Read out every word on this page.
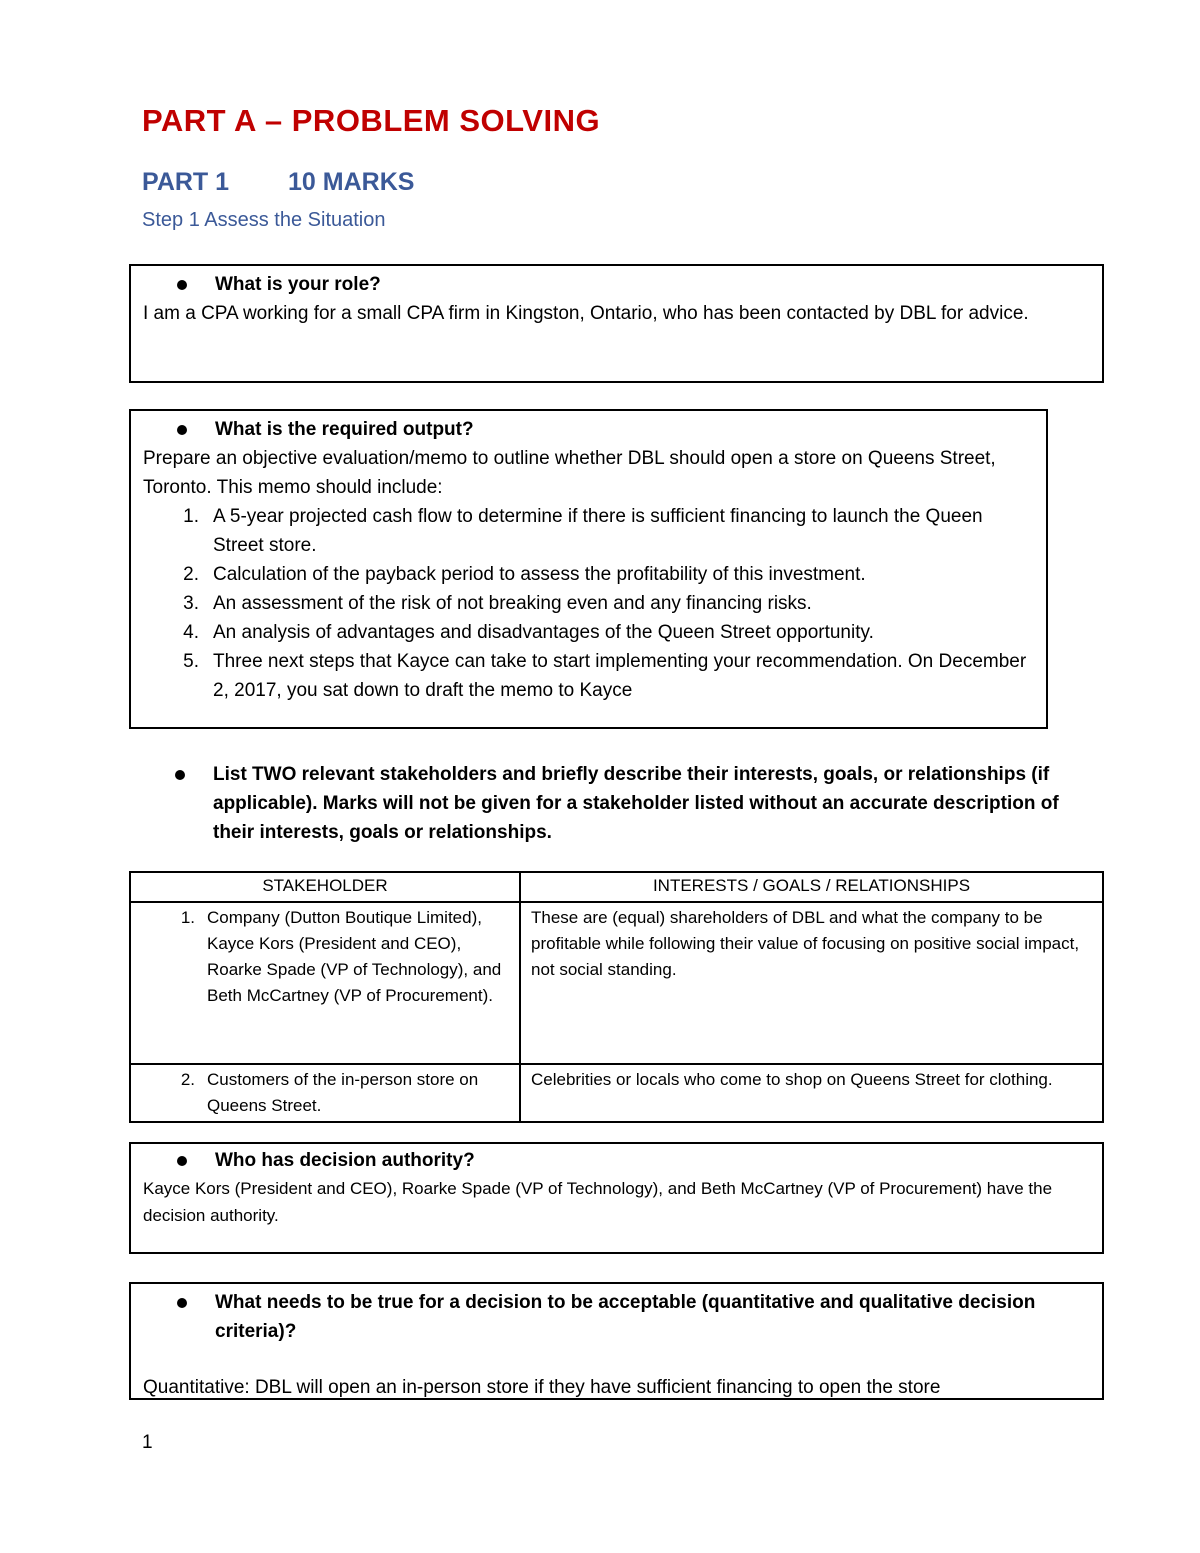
PART A – PROBLEM SOLVING
PART 1 10 MARKS
Step 1 Assess the Situation
What is your role?
I am a CPA working for a small CPA firm in Kingston, Ontario, who has been contacted by DBL for advice.
What is the required output?
Prepare an objective evaluation/memo to outline whether DBL should open a store on Queens Street, Toronto. This memo should include:
1. A 5-year projected cash flow to determine if there is sufficient financing to launch the Queen Street store.
2. Calculation of the payback period to assess the profitability of this investment.
3. An assessment of the risk of not breaking even and any financing risks.
4. An analysis of advantages and disadvantages of the Queen Street opportunity.
5. Three next steps that Kayce can take to start implementing your recommendation. On December 2, 2017, you sat down to draft the memo to Kayce
List TWO relevant stakeholders and briefly describe their interests, goals, or relationships (if applicable). Marks will not be given for a stakeholder listed without an accurate description of their interests, goals or relationships.
STAKEHOLDER	INTERESTS / GOALS / RELATIONSHIPS

1. Company (Dutton Boutique Limited), Kayce Kors (President and CEO), Roarke Spade (VP of Technology), and Beth McCartney (VP of Procurement).	These are (equal) shareholders of DBL and what the company to be profitable while following their value of focusing on positive social impact, not social standing.

2. Customers of the in-person store on Queens Street.	Celebrities or locals who come to shop on Queens Street for clothing.
Who has decision authority?
Kayce Kors (President and CEO), Roarke Spade (VP of Technology), and Beth McCartney (VP of Procurement) have the decision authority.
What needs to be true for a decision to be acceptable (quantitative and qualitative decision criteria)?
Quantitative: DBL will open an in-person store if they have sufficient financing to open the store
1
